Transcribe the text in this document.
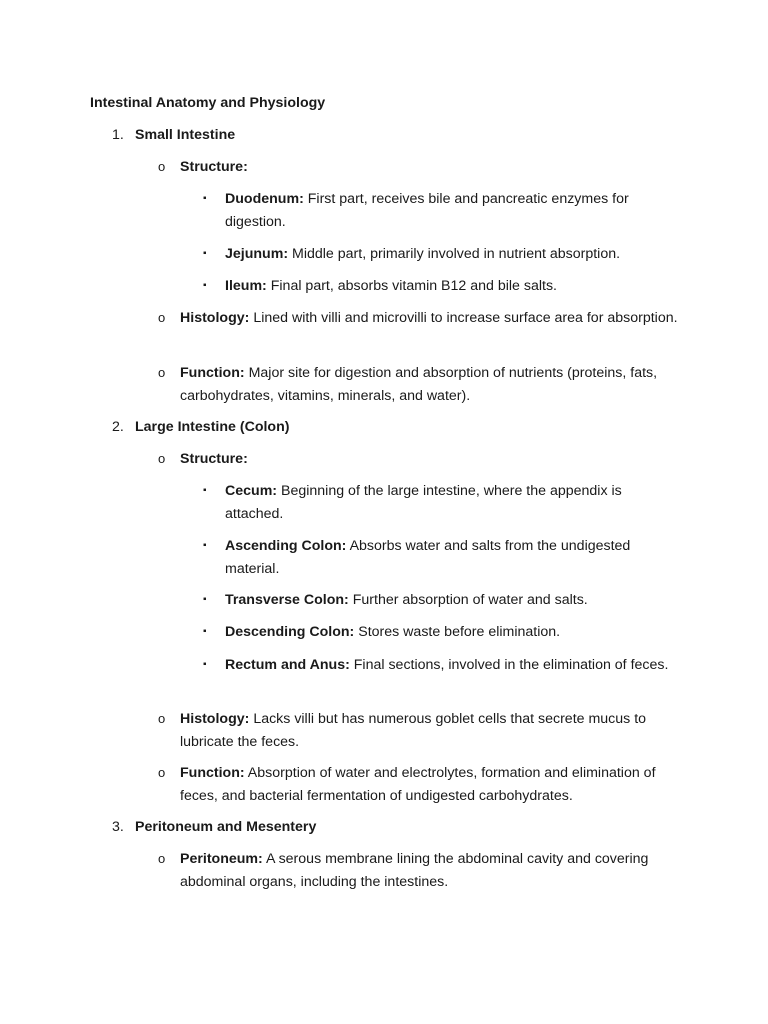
Intestinal Anatomy and Physiology
1. Small Intestine
o	Structure:
▪	Duodenum: First part, receives bile and pancreatic enzymes for digestion.
▪	Jejunum: Middle part, primarily involved in nutrient absorption.
▪	Ileum: Final part, absorbs vitamin B12 and bile salts.
o	Histology: Lined with villi and microvilli to increase surface area for absorption.
o	Function: Major site for digestion and absorption of nutrients (proteins, fats, carbohydrates, vitamins, minerals, and water).
2. Large Intestine (Colon)
o	Structure:
▪	Cecum: Beginning of the large intestine, where the appendix is attached.
▪	Ascending Colon: Absorbs water and salts from the undigested material.
▪	Transverse Colon: Further absorption of water and salts.
▪	Descending Colon: Stores waste before elimination.
▪	Rectum and Anus: Final sections, involved in the elimination of feces.
o	Histology: Lacks villi but has numerous goblet cells that secrete mucus to lubricate the feces.
o	Function: Absorption of water and electrolytes, formation and elimination of feces, and bacterial fermentation of undigested carbohydrates.
3. Peritoneum and Mesentery
o	Peritoneum: A serous membrane lining the abdominal cavity and covering abdominal organs, including the intestines.
